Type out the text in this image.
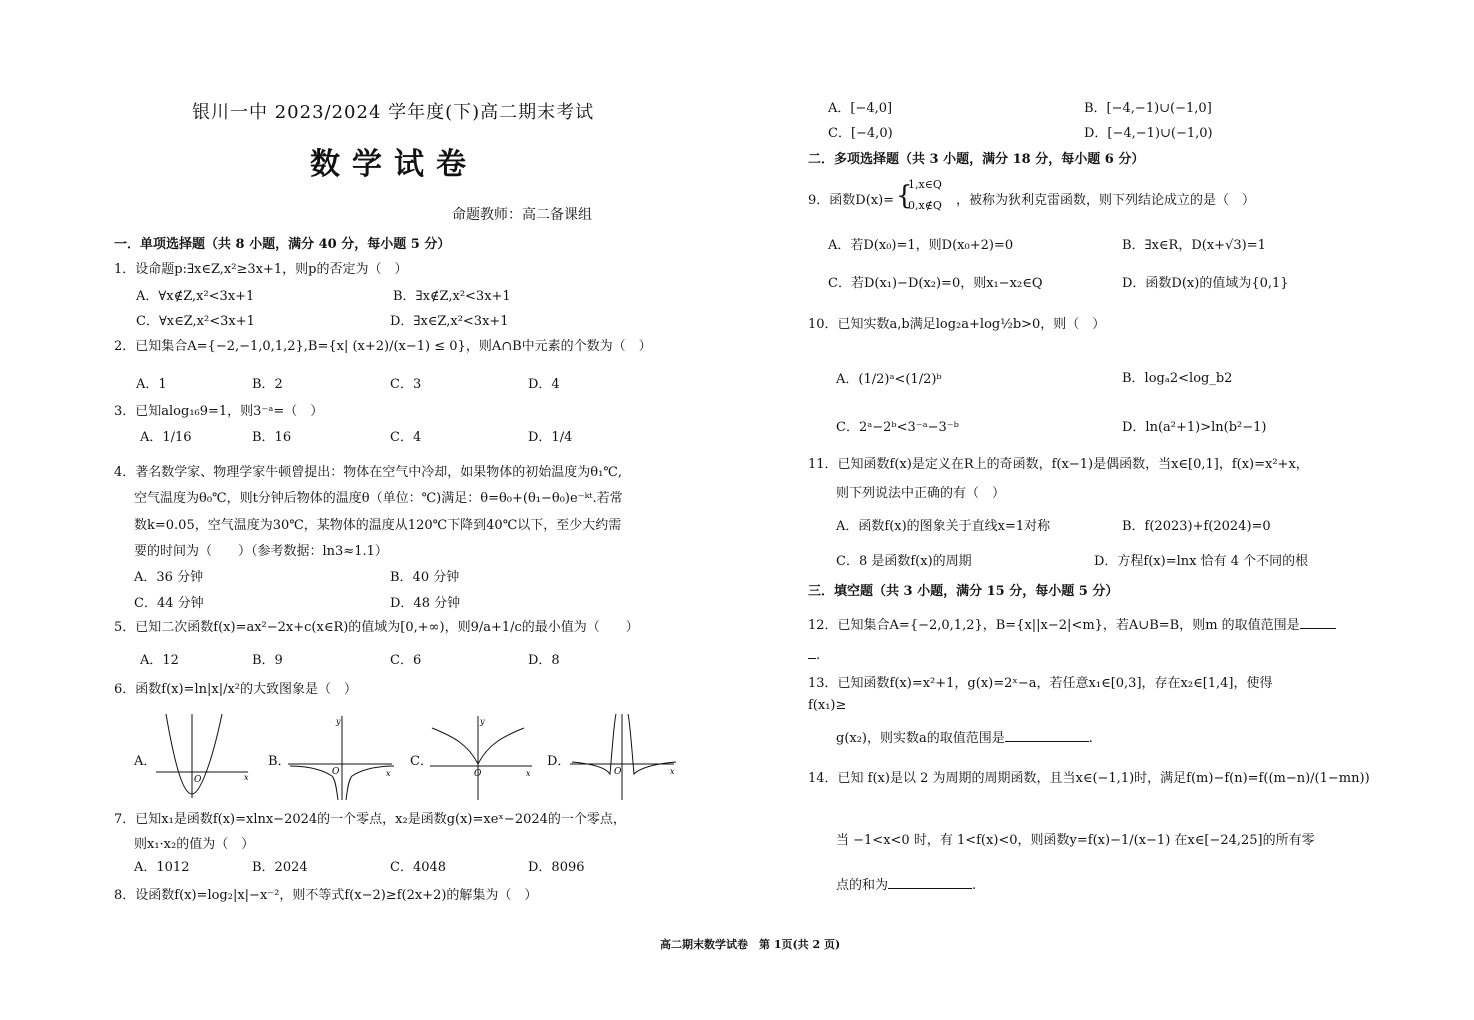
银川一中 2023/2024 学年度(下)高二期末考试
数学试卷
命题教师：高二备课组
一．单项选择题（共 8 小题，满分 40 分，每小题 5 分）
1．设命题p:∃x∈Z,x²≥3x+1，则p的否定为（　）
A．∀x∉Z,x²<3x+1	B．∃x∉Z,x²<3x+1
C．∀x∈Z,x²<3x+1	D．∃x∈Z,x²<3x+1
2．已知集合A={−2,−1,0,1,2},B={x| (x+2)/(x−1) ≤ 0}，则A∩B中元素的个数为（　）
A．1	B．2	C．3	D．4
3．已知alog₁₆9=1，则3⁻ᵃ=（　）
A．1/16	B．16	C．4	D．1/4
4．著名数学家、物理学家牛顿曾提出：物体在空气中冷却，如果物体的初始温度为θ₁℃,
空气温度为θ₀℃，则t分钟后物体的温度θ（单位：℃)满足：θ=θ₀+(θ₁−θ₀)e⁻ᵏᵗ.若常
数k=0.05，空气温度为30℃，某物体的温度从120℃下降到40℃以下，至少大约需
要的时间为（　　）（参考数据：ln3≈1.1）
A．36 分钟	B．40 分钟
C．44 分钟	D．48 分钟
5．已知二次函数f(x)=ax²−2x+c(x∈R)的值域为[0,+∞)，则9/a+1/c的最小值为（　　）
A．12	B．9	C．6	D．8
6．函数f(x)=ln|x|/x²的大致图象是（　）
A．	B．	C．	D．
O	x
O	x
y
O	x
y
O	x
7．已知x₁是函数f(x)=xlnx−2024的一个零点，x₂是函数g(x)=xeˣ−2024的一个零点，
则x₁·x₂的值为（　）
A．1012	B．2024	C．4048	D．8096
8．设函数f(x)=log₂|x|−x⁻²，则不等式f(x−2)≥f(2x+2)的解集为（　）
A．[−4,0]	B．[−4,−1)∪(−1,0]
C．[−4,0)	D．[−4,−1)∪(−1,0)
二．多项选择题（共 3 小题，满分 18 分，每小题 6 分）
9．函数D(x)= {
1,x∈Q
0,x∉Q ，被称为狄利克雷函数，则下列结论成立的是（　）
A．若D(x₀)=1，则D(x₀+2)=0	B．∃x∈R，D(x+√3)=1
C．若D(x₁)−D(x₂)=0，则x₁−x₂∈Q	D．函数D(x)的值域为{0,1}
10．已知实数a,b满足log₂a+log½b>0，则（　）
A．(1/2)ᵃ<(1/2)ᵇ	B．logₐ2<log_b2
C．2ᵃ−2ᵇ<3⁻ᵃ−3⁻ᵇ	D．ln(a²+1)>ln(b²−1)
11．已知函数f(x)是定义在R上的奇函数，f(x−1)是偶函数，当x∈[0,1]，f(x)=x²+x，
则下列说法中正确的有（　）
A．函数f(x)的图象关于直线x=1对称	B．f(2023)+f(2024)=0
C．8 是函数f(x)的周期	D．方程f(x)=lnx 恰有 4 个不同的根
三．填空题（共 3 小题，满分 15 分，每小题 5 分）
12．已知集合A={−2,0,1,2}，B={x||x−2|<m}，若A∪B=B，则m 的取值范围是
.
13．已知函数f(x)=x²+1，g(x)=2ˣ−a，若任意x₁∈[0,3]，存在x₂∈[1,4]，使得
f(x₁)≥
g(x₂)，则实数a的取值范围是	.
14．已知 f(x)是以 2 为周期的周期函数，且当x∈(−1,1)时，满足f(m)−f(n)=f((m−n)/(1−mn))
当 −1<x<0 时，有 1<f(x)<0，则函数y=f(x)−1/(x−1) 在x∈[−24,25]的所有零
点的和为	.
高二期末数学试卷　第 1页(共 2 页)
